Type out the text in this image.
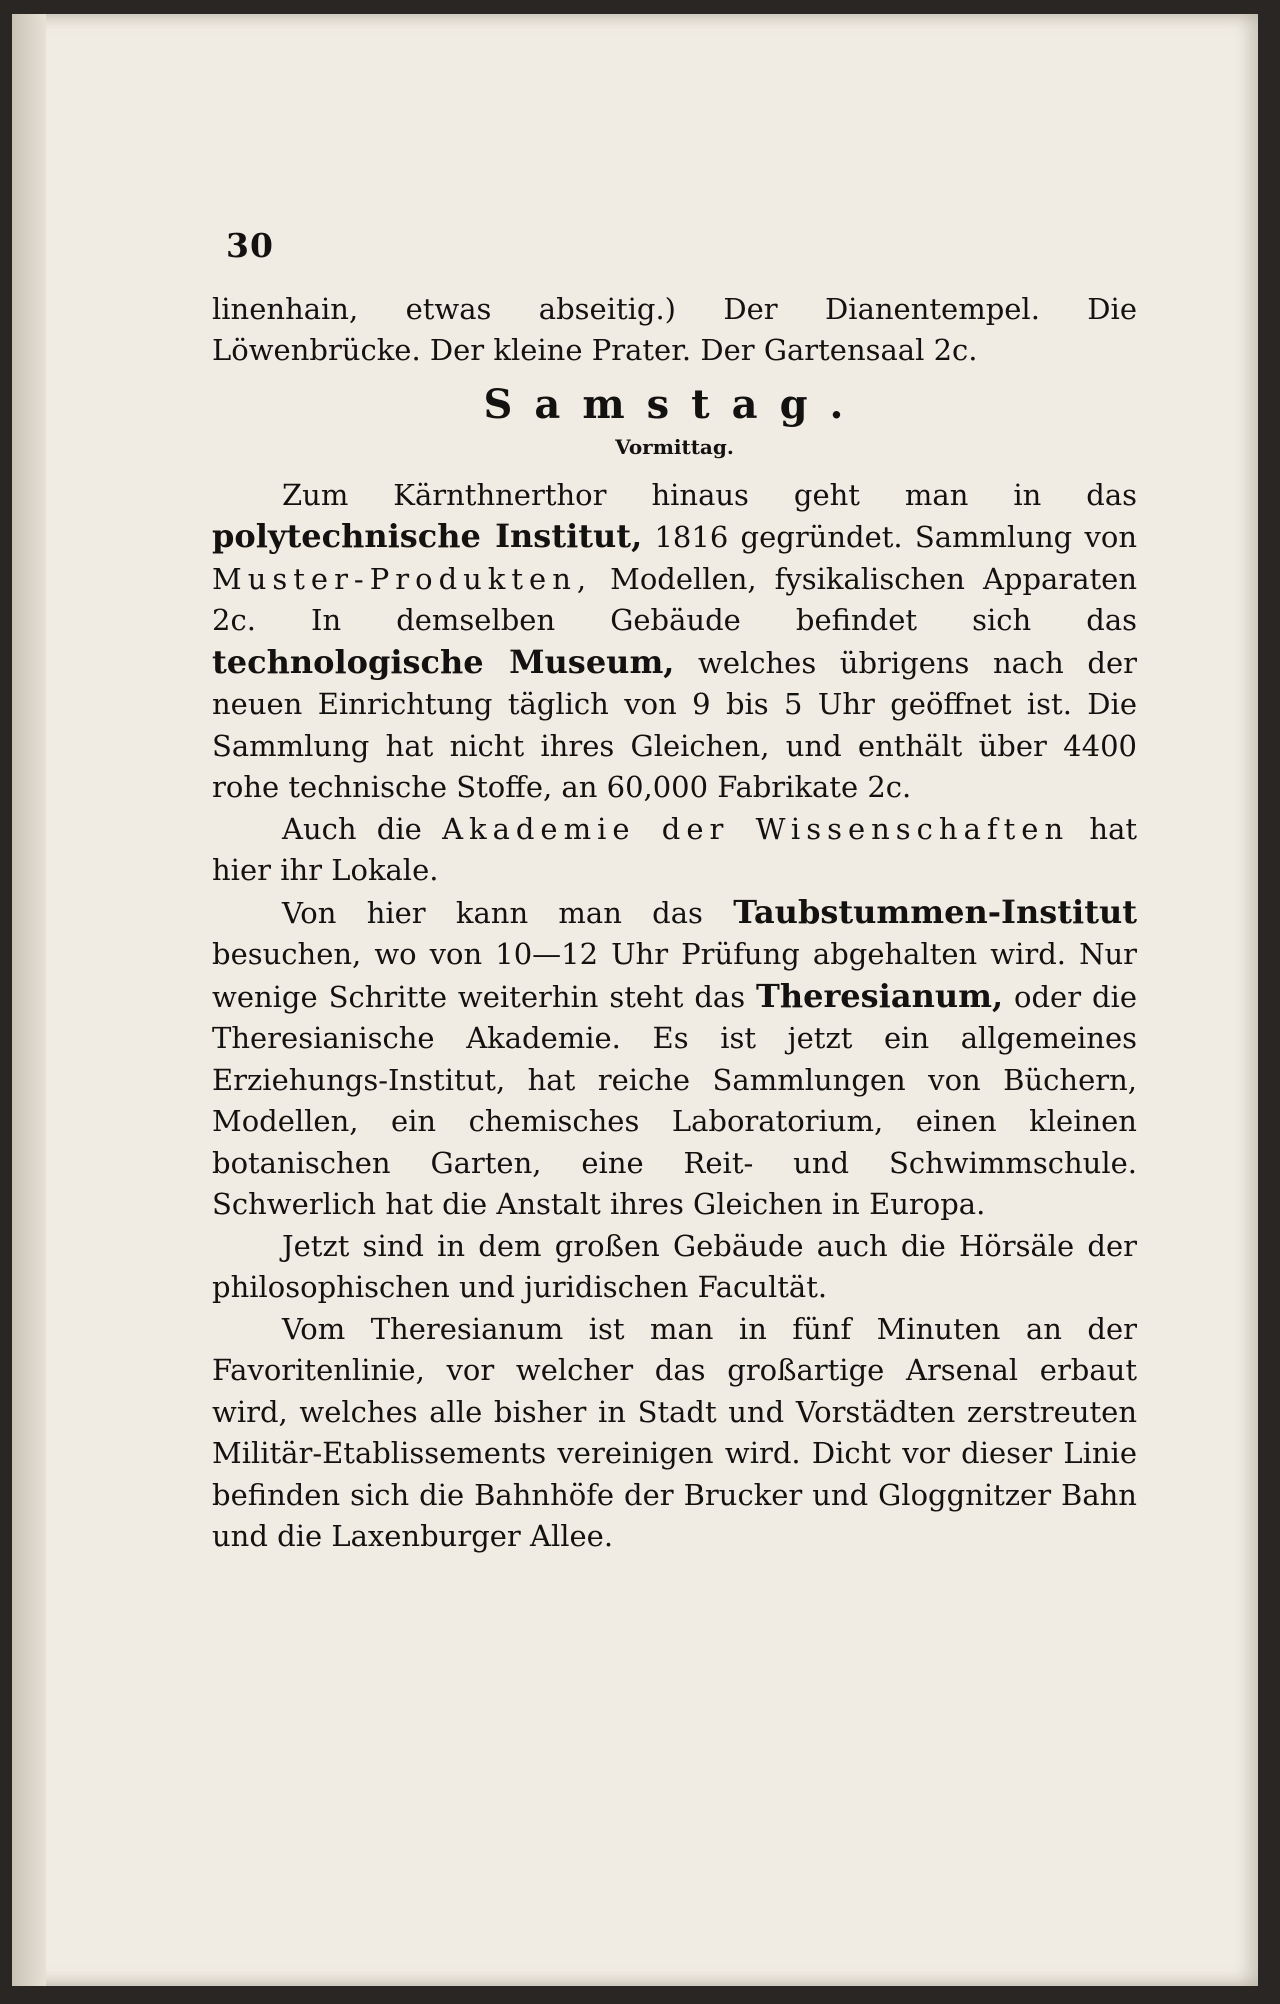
30

linenhain, etwas abseitig.) Der Dianentempel. Die Löwenbrücke. Der kleine Prater. Der Gartensaal 2c.

Samstag.
Vormittag.

Zum Kärnthnerthor hinaus geht man in das polytechnische Institut, 1816 gegründet. Sammlung von Muster-Produkten, Modellen, fysikalischen Apparaten 2c. In demselben Gebäude befindet sich das technologische Museum, welches übrigens nach der neuen Einrichtung täglich von 9 bis 5 Uhr geöffnet ist. Die Sammlung hat nicht ihres Gleichen, und enthält über 4400 rohe technische Stoffe, an 60,000 Fabrikate 2c.

Auch die Akademie der Wissenschaften hat hier ihr Lokale.

Von hier kann man das Taubstummen-Institut besuchen, wo von 10—12 Uhr Prüfung abgehalten wird. Nur wenige Schritte weiterhin steht das Theresianum, oder die Theresianische Akademie. Es ist jetzt ein allgemeines Erziehungs-Institut, hat reiche Sammlungen von Büchern, Modellen, ein chemisches Laboratorium, einen kleinen botanischen Garten, eine Reit- und Schwimmschule. Schwerlich hat die Anstalt ihres Gleichen in Europa.

Jetzt sind in dem großen Gebäude auch die Hörsäle der philosophischen und juridischen Facultät.

Vom Theresianum ist man in fünf Minuten an der Favoritenlinie, vor welcher das großartige Arsenal erbaut wird, welches alle bisher in Stadt und Vorstädten zerstreuten Militär-Etablissements vereinigen wird. Dicht vor dieser Linie befinden sich die Bahnhöfe der Brucker und Gloggnitzer Bahn und die Laxenburger Allee.
